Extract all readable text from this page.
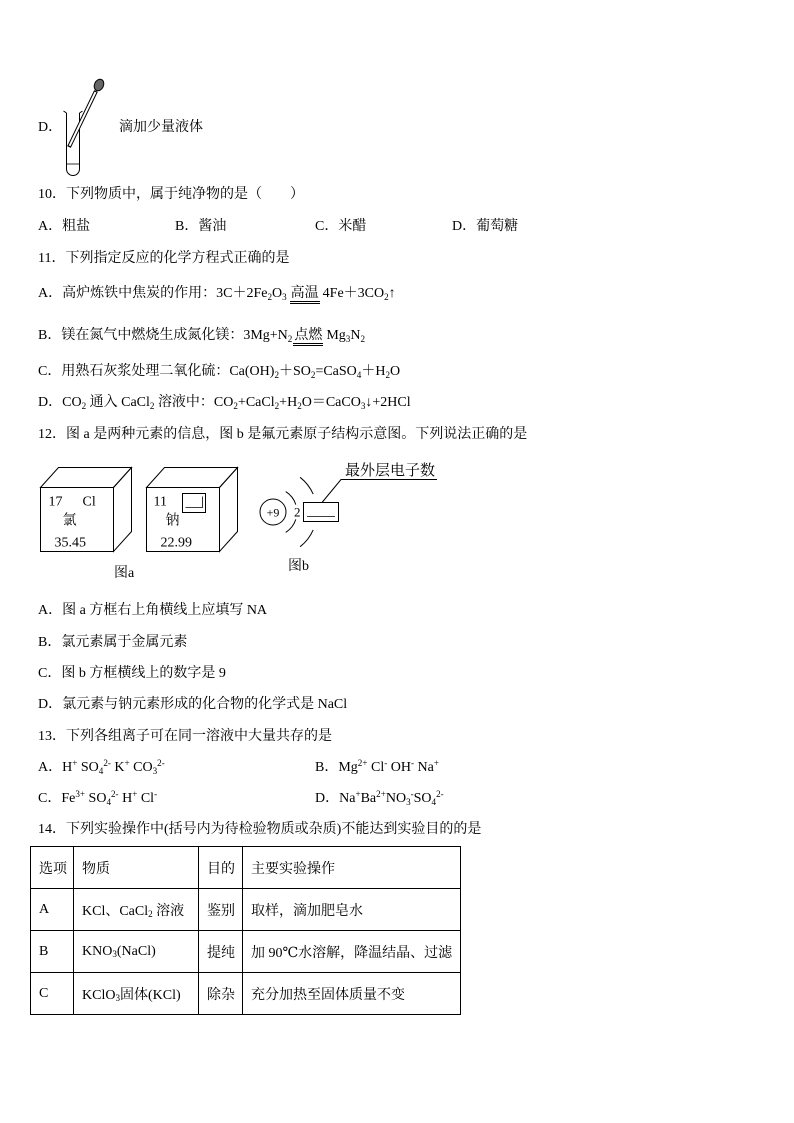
D．	滴加少量液体
10．下列物质中，属于纯净物的是（　　）
A．粗盐	B．酱油	C．米醋	D．葡萄糖
11．下列指定反应的化学方程式正确的是
A．高炉炼铁中焦炭的作用：$3C+2Fe_2O_3$ 高温 $4Fe+3CO_2↑$
B．镁在氮气中燃烧生成氮化镁：$3Mg+N_2$ 点燃 $Mg_3N_2$
C．用熟石灰浆处理二氧化硫：$Ca(OH)_2+SO_2=CaSO_4+H_2O$
D．$CO_2$ 通入 CaCl$_2$ 溶液中：$CO_2+CaCl_2+H_2O=CaCO_3↓+2HCl$
12．图 a 是两种元素的信息，图 b 是氟元素原子结构示意图。下列说法正确的是
17 Cl
氯
35.45
11
钠
22.99
图a
+9 2
最外层电子数
图b
A．图 a 方框右上角横线上应填写 NA
B．氯元素属于金属元素
C．图 b 方框横线上的数字是 9
D．氯元素与钠元素形成的化合物的化学式是 NaCl
13．下列各组离子可在同一溶液中大量共存的是
A．H+ $SO_4^{2-}$ K+ $CO_3^{2-}$	B．$Mg^{2+}$ Cl- OH- Na+
C．$Fe^{3+}$ $SO_4^{2-}$ H+ Cl-	D．$Na^+Ba^{2+}NO_3^-SO_4^{2-}$
14．下列实验操作中(括号内为待检验物质或杂质)不能达到实验目的的是
选项	物质	目的	主要实验操作
A	KCl、CaCl$_2$ 溶液	鉴别	取样，滴加肥皂水
B	$KNO_3(NaCl)$	提纯	加 90℃水溶解，降温结晶、过滤
C	KClO$_3$固体(KCl)	除杂	充分加热至固体质量不变
